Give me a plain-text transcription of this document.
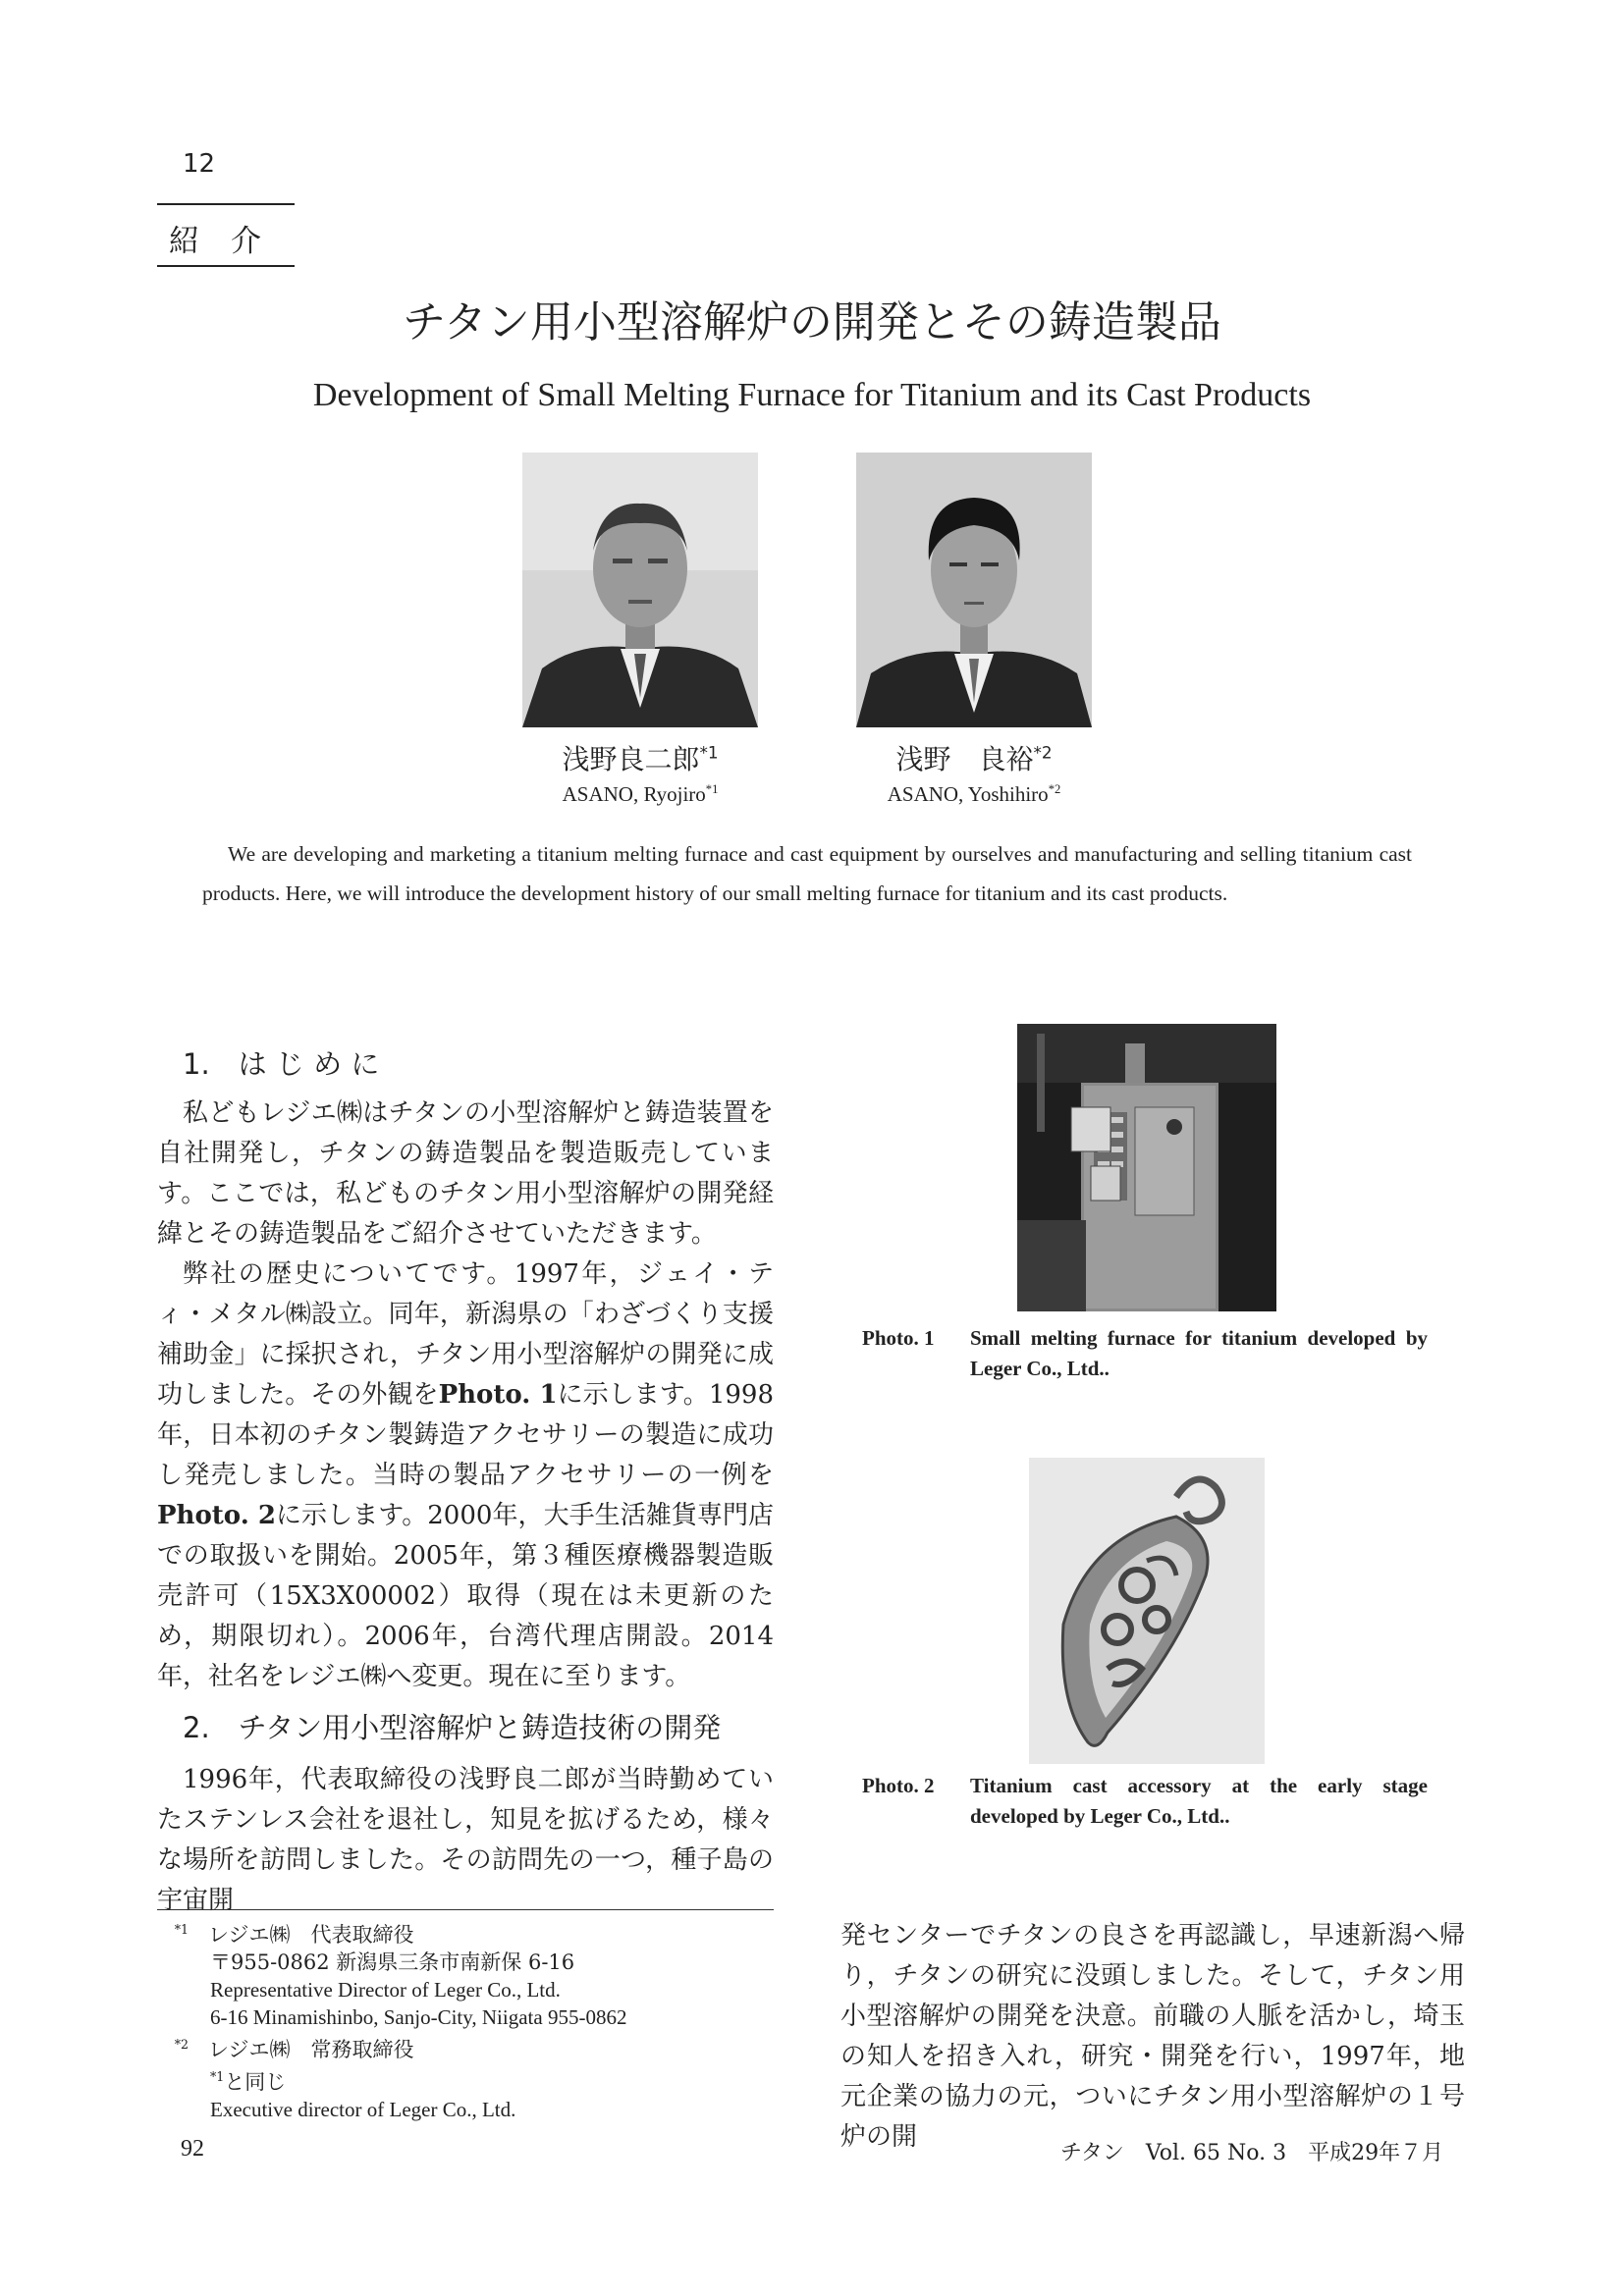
12
紹介
チタン用小型溶解炉の開発とその鋳造製品
Development of Small Melting Furnace for Titanium and its Cast Products
浅野良二郎$^{*1}$
ASANO, Ryojiro$^{*1}$
浅野　良裕$^{*2}$
ASANO, Yoshihiro$^{*2}$
We are developing and marketing a titanium melting furnace and cast equipment by ourselves and manufacturing and selling titanium cast products. Here, we will introduce the development history of our small melting furnace for titanium and its cast products.
1.　は じ め に

私どもレジエ㈱はチタンの小型溶解炉と鋳造装置を自社開発し，チタンの鋳造製品を製造販売しています。ここでは，私どものチタン用小型溶解炉の開発経緯とその鋳造製品をご紹介させていただきます。

弊社の歴史についてです。1997年，ジェイ・ティ・メタル㈱設立。同年，新潟県の「わざづくり支援補助金」に採択され，チタン用小型溶解炉の開発に成功しました。その外観をPhoto. 1に示します。1998年，日本初のチタン製鋳造アクセサリーの製造に成功し発売しました。当時の製品アクセサリーの一例をPhoto. 2に示します。2000年，大手生活雑貨専門店での取扱いを開始。2005年，第３種医療機器製造販売許可（15X3X00002）取得（現在は未更新のため，期限切れ）。2006年，台湾代理店開設。2014年，社名をレジエ㈱へ変更。現在に至ります。

2.　チタン用小型溶解炉と鋳造技術の開発

1996年，代表取締役の浅野良二郎が当時勤めていたステンレス会社を退社し，知見を拡げるため，様々な場所を訪問しました。その訪問先の一つ，種子島の宇宙開

Photo. 1 Small melting furnace for titanium developed by Leger Co., Ltd..
Photo. 2 Titanium cast accessory at the early stage developed by Leger Co., Ltd..

発センターでチタンの良さを再認識し，早速新潟へ帰り，チタンの研究に没頭しました。そして，チタン用小型溶解炉の開発を決意。前職の人脈を活かし，埼玉の知人を招き入れ，研究・開発を行い，1997年，地元企業の協力の元，ついにチタン用小型溶解炉の１号炉の開

$^{*1}$ レジエ㈱　代表取締役
〒955-0862 新潟県三条市南新保 6-16
Representative Director of Leger Co., Ltd.
6-16 Minamishinbo, Sanjo-City, Niigata 955-0862
$^{*2}$ レジエ㈱　常務取締役
$^{*1}$と同じ
Executive director of Leger Co., Ltd.
92	チタン　Vol. 65 No. 3　平成29年７月
